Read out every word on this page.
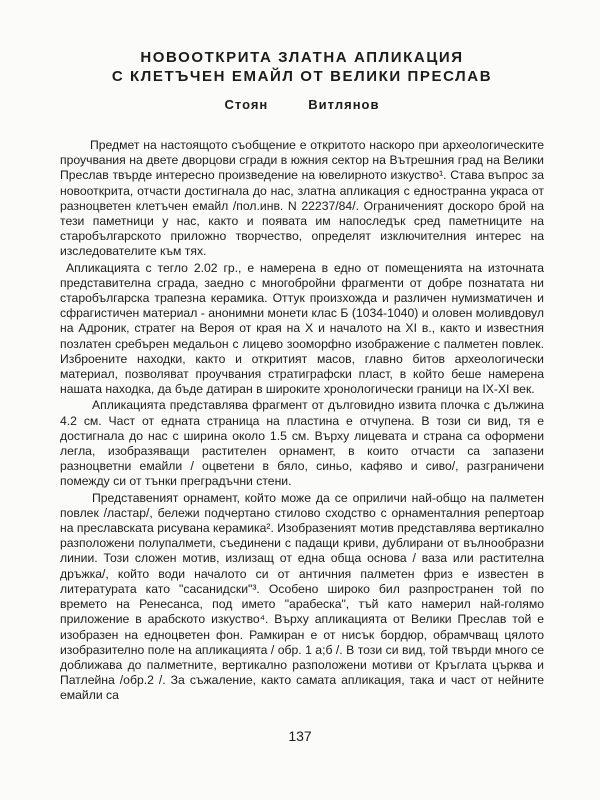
НОВООТКРИТА ЗЛАТНА АПЛИКАЦИЯ
С КЛЕТЪЧЕН ЕМАЙЛ ОТ ВЕЛИКИ ПРЕСЛАВ
Стоян	Витлянов

Предмет на настоящото съобщение е откритото наскоро при археологическите проучвания на двете дворцови сгради в южния сектор на Вътрешния град на Велики Преслав твърде интересно произведение на ювелирното изкуство¹. Става въпрос за новооткрита, отчасти достигнала до нас, златна апликация с едностранна украса от разноцветен клетъчен емайл /пол.инв. N 22237/84/. Ограниченият доскоро брой на тези паметници у нас, както и появата им напоследък сред паметниците на старобългарското приложно творчество, определят изключителния интерес на изследователите към тях.

Апликацията с тегло 2.02 гр., е намерена в едно от помещенията на източната представителна сграда, заедно с многобройни фрагменти от добре познатата ни старобългарска трапезна керамика. Оттук произхожда и различен нумизматичен и сфрагистичен материал - анонимни монети клас Б (1034-1040) и оловен моливдовул на Адроник, стратег на Верoя от края на X и началото на XI в., както и известния позлатен сребърен медальон с лицево зооморфно изображение с палметен повлек. Изброените находки, както и откритият масов, главно битов археологически материал, позволяват проучвания стратиграфски пласт, в който беше намерена нашата находка, да бъде датиран в широките хронологически граници на IX-XI век.

Апликацията представлява фрагмент от дълговидно извита плочка с дължина 4.2 см. Част от едната страница на пластина е отчупена. В този си вид, тя е достигнала до нас с ширина около 1.5 см. Върху лицевата и страна са оформени легла, изобразяващи растителен орнамент, в които отчасти са запазени разноцветни емайли / оцветени в бяло, синьо, кафяво и сиво/, разграничени помежду си от тънки преградъчни стени.

Представеният орнамент, който може да се оприличи най-общо на палметен повлек /ластар/, бележи подчертано стилово сходство с орнаменталния репертоар на преславската рисувана керамика². Изобразеният мотив представлява вертикално разположени полупалмети, съединени с падащи криви, дублирани от вълнообразни линии. Този сложен мотив, излизащ от една обща основа / ваза или растителна дръжка/, който води началото си от античния палметен фриз е известен в литературата като "сасанидски"³. Особено широко бил разпространен той по времето на Ренесанса, под името "арабеска", тъй като намерил най-голямо приложение в арабското изкуство⁴. Върху апликацията от Велики Преслав той е изобразен на едноцветен фон. Рамкиран е от нисък бордюр, обрамчващ цялото изобразително поле на апликацията / обр. 1 а;б /. В този си вид, той твърди много се доближава до палметните, вертикално разположени мотиви от Кръглата църква и Патлейна /обр.2 /. За съжаление, както самата апликация, така и част от нейните емайли са

137
